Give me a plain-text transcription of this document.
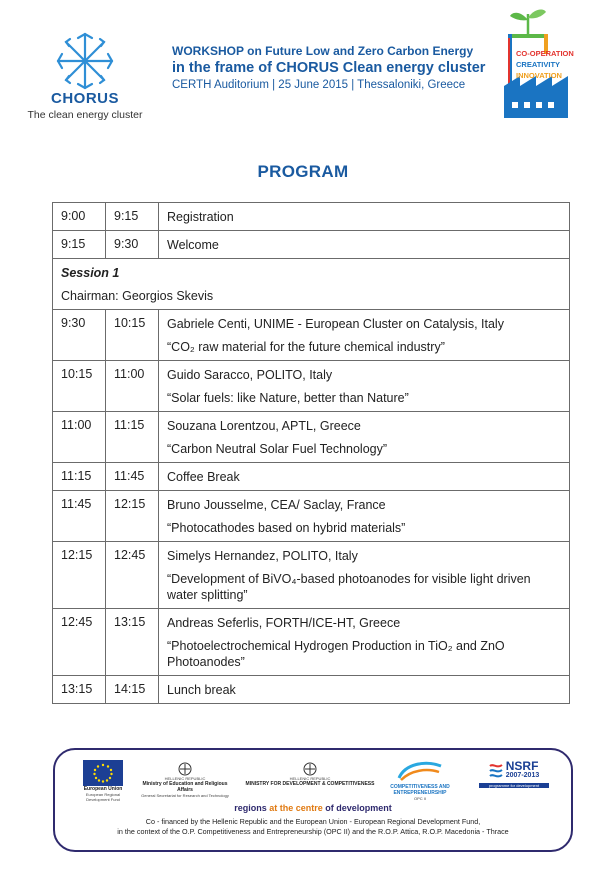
CHORUS
The clean energy cluster
WORKSHOP on Future Low and Zero Carbon Energy
in the frame of CHORUS Clean energy cluster
CERTH Auditorium | 25 June 2015 | Thessaloniki, Greece
CO-OPERATION
CREATIVITY
INNOVATION
PROGRAM
9:00	9:15	Registration

9:15	9:30	Welcome

Session 1
Chairman: Georgios Skevis		

9:30	10:15	Gabriele Centi, UNIME - European Cluster on Catalysis, Italy
“CO₂ raw material for the future chemical industry”

10:15	11:00	Guido Saracco, POLITO, Italy
“Solar fuels: like Nature, better than Nature”

11:00	11:15	Souzana Lorentzou, APTL, Greece
“Carbon Neutral Solar Fuel Technology”

11:15	11:45	Coffee Break

11:45	12:15	Bruno Jousselme, CEA/ Saclay, France
“Photocathodes based on hybrid materials”

12:15	12:45	Simelys Hernandez, POLITO, Italy
“Development of BiVO₄-based photoanodes for visible light driven water splitting”

12:45	13:15	Andreas Seferlis, FORTH/ICE-HT, Greece
“Photoelectrochemical Hydrogen Production in TiO₂ and ZnO Photoanodes”

13:15	14:15	Lunch break
European Union
European Regional Development Fund
HELLENIC REPUBLIC
Ministry of Education and Religious Affairs
General Secretariat for Research and Technology
HELLENIC REPUBLIC
MINISTRY FOR DEVELOPMENT & COMPETITIVENESS	COMPETITIVENESS AND ENTREPRENEURSHIP
OPC II
NSRF
2007-2013
programme for development
regions at the centre of development
Co - financed by the Hellenic Republic and the European Union - European Regional Development Fund,
in the context of the O.P. Competitiveness and Entrepreneurship (OPC II) and the R.O.P. Attica, R.O.P. Macedonia - Thrace
